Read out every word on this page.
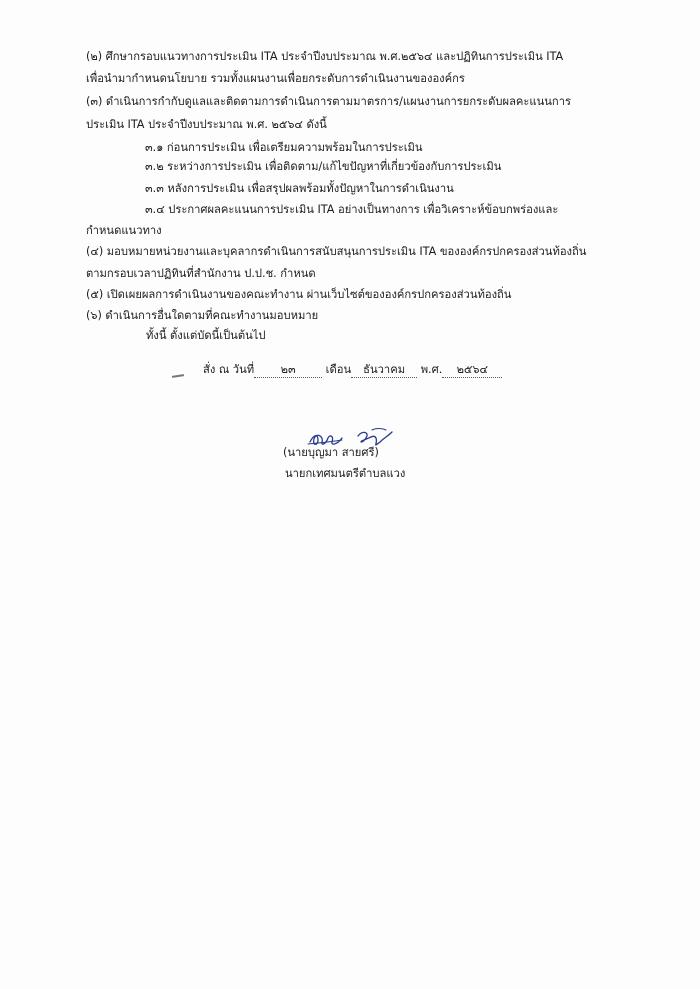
(๒) ศึกษากรอบแนวทางการประเมิน ITA ประจำปีงบประมาณ พ.ศ.๒๕๖๔ และปฏิทินการประเมิน ITA
เพื่อนำมากำหนดนโยบาย รวมทั้งแผนงานเพื่อยกระดับการดำเนินงานขององค์กร
(๓) ดำเนินการกำกับดูแลและติดตามการดำเนินการตามมาตรการ/แผนงานการยกระดับผลคะแนนการ
ประเมิน ITA ประจำปีงบประมาณ พ.ศ. ๒๕๖๔ ดังนี้
๓.๑ ก่อนการประเมิน เพื่อเตรียมความพร้อมในการประเมิน
๓.๒ ระหว่างการประเมิน เพื่อติดตาม/แก้ไขปัญหาที่เกี่ยวข้องกับการประเมิน
๓.๓ หลังการประเมิน เพื่อสรุปผลพร้อมทั้งปัญหาในการดำเนินงาน
๓.๔ ประกาศผลคะแนนการประเมิน ITA อย่างเป็นทางการ เพื่อวิเคราะห์ข้อบกพร่องและ
กำหนดแนวทาง
(๔) มอบหมายหน่วยงานและบุคลากรดำเนินการสนับสนุนการประเมิน ITA ขององค์กรปกครองส่วนท้องถิ่น
ตามกรอบเวลาปฏิทินที่สำนักงาน ป.ป.ช. กำหนด
(๕) เปิดเผยผลการดำเนินงานของคณะทำงาน ผ่านเว็บไซต์ขององค์กรปกครองส่วนท้องถิ่น
(๖) ดำเนินการอื่นใดตามที่คณะทำงานมอบหมาย
ทั้งนี้ ตั้งแต่บัดนี้เป็นต้นไป
สั่ง ณ วันที่ ๒๓	เดือน ธันวาคม พ.ศ. ๒๕๖๔
(นายบุญมา สายศรี)
นายกเทศมนตรีตำบลแวง
